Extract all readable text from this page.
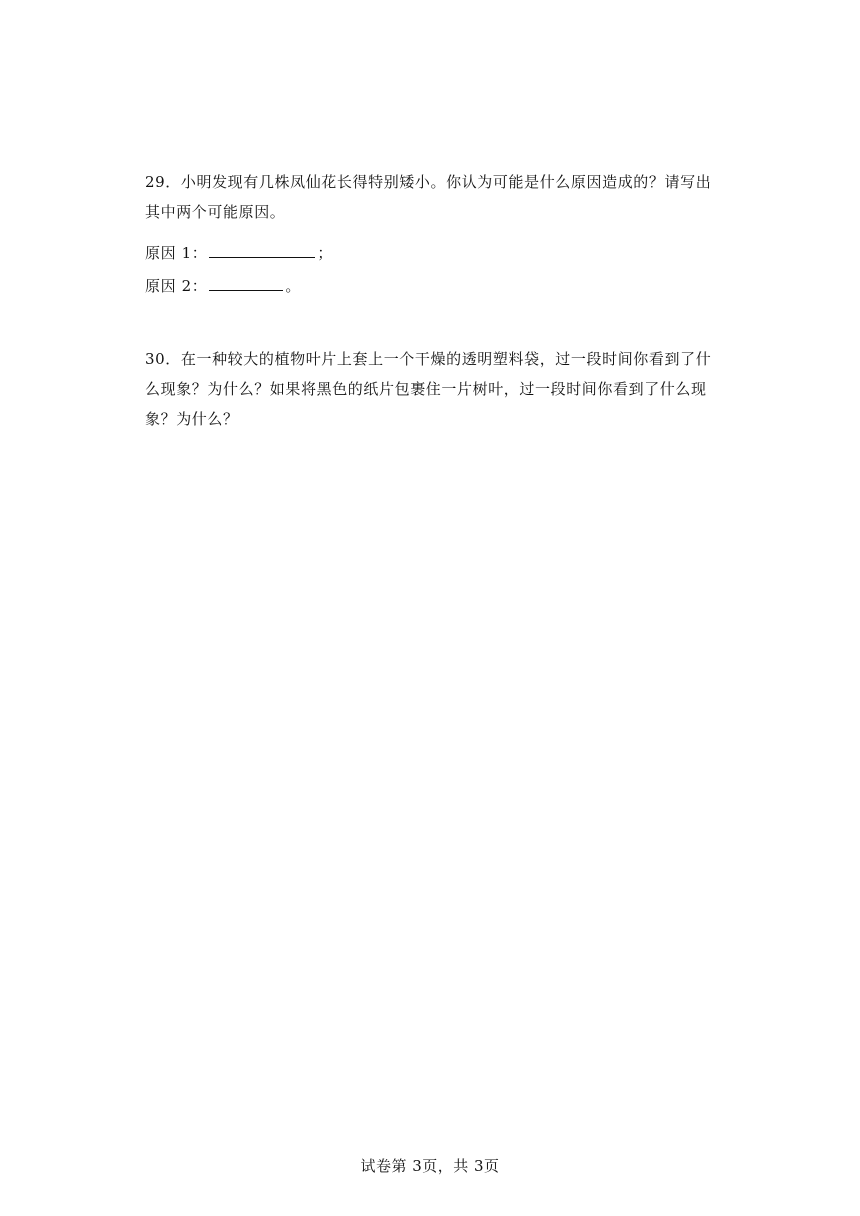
29．小明发现有几株凤仙花长得特别矮小。你认为可能是什么原因造成的？请写出其中两个可能原因。

原因 1：	；
原因 2：	。

30．在一种较大的植物叶片上套上一个干燥的透明塑料袋，过一段时间你看到了什么现象？为什么？如果将黑色的纸片包裹住一片树叶，过一段时间你看到了什么现象？为什么？

试卷第 3页，共 3页
